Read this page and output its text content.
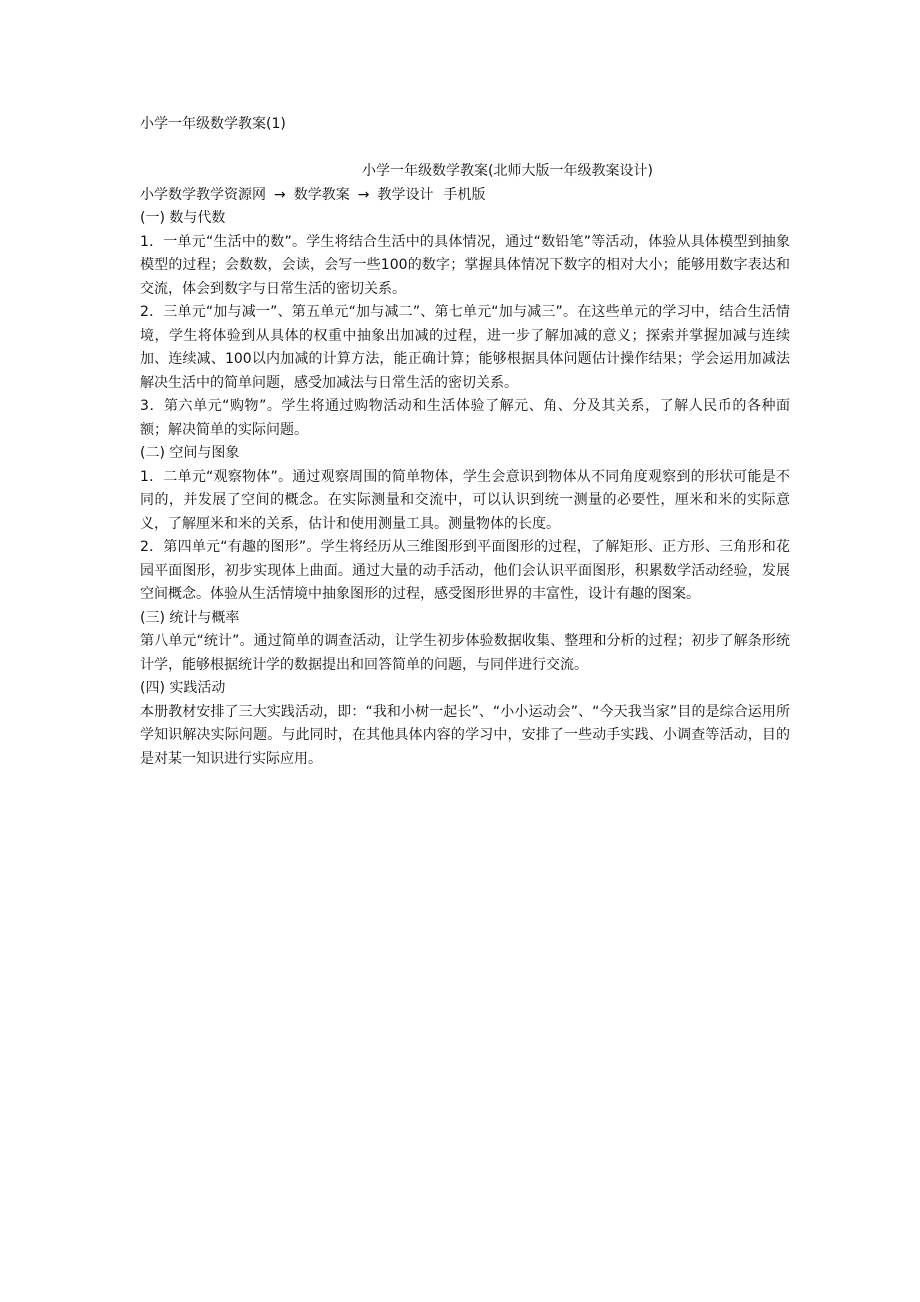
小学一年级数学教案(1)
小学一年级数学教案(北师大版一年级教案设计)
小学数学教学资源网 → 数学教案 → 教学设计 手机版
(一) 数与代数

1．一单元“生活中的数”。学生将结合生活中的具体情况，通过“数铅笔”等活动，体验从具体模型到抽象模型的过程；会数数，会读，会写一些100的数字；掌握具体情况下数字的相对大小；能够用数字表达和交流，体会到数字与日常生活的密切关系。

2．三单元“加与减一”、第五单元“加与减二”、第七单元“加与减三”。在这些单元的学习中，结合生活情境，学生将体验到从具体的权重中抽象出加减的过程，进一步了解加减的意义；探索并掌握加减与连续加、连续减、100以内加减的计算方法，能正确计算；能够根据具体问题估计操作结果；学会运用加减法解决生活中的简单问题，感受加减法与日常生活的密切关系。

3．第六单元“购物”。学生将通过购物活动和生活体验了解元、角、分及其关系，了解人民币的各种面额；解决简单的实际问题。

(二) 空间与图象

1．二单元“观察物体”。通过观察周围的简单物体，学生会意识到物体从不同角度观察到的形状可能是不同的，并发展了空间的概念。在实际测量和交流中，可以认识到统一测量的必要性，厘米和米的实际意义，了解厘米和米的关系，估计和使用测量工具。测量物体的长度。

2．第四单元“有趣的图形”。学生将经历从三维图形到平面图形的过程，了解矩形、正方形、三角形和花园平面图形，初步实现体上曲面。通过大量的动手活动，他们会认识平面图形，积累数学活动经验，发展空间概念。体验从生活情境中抽象图形的过程，感受图形世界的丰富性，设计有趣的图案。

(三) 统计与概率

第八单元“统计”。通过简单的调查活动，让学生初步体验数据收集、整理和分析的过程；初步了解条形统计学，能够根据统计学的数据提出和回答简单的问题，与同伴进行交流。

(四) 实践活动

本册教材安排了三大实践活动，即：“我和小树一起长”、“小小运动会”、“今天我当家”目的是综合运用所学知识解决实际问题。与此同时，在其他具体内容的学习中，安排了一些动手实践、小调查等活动，目的是对某一知识进行实际应用。
